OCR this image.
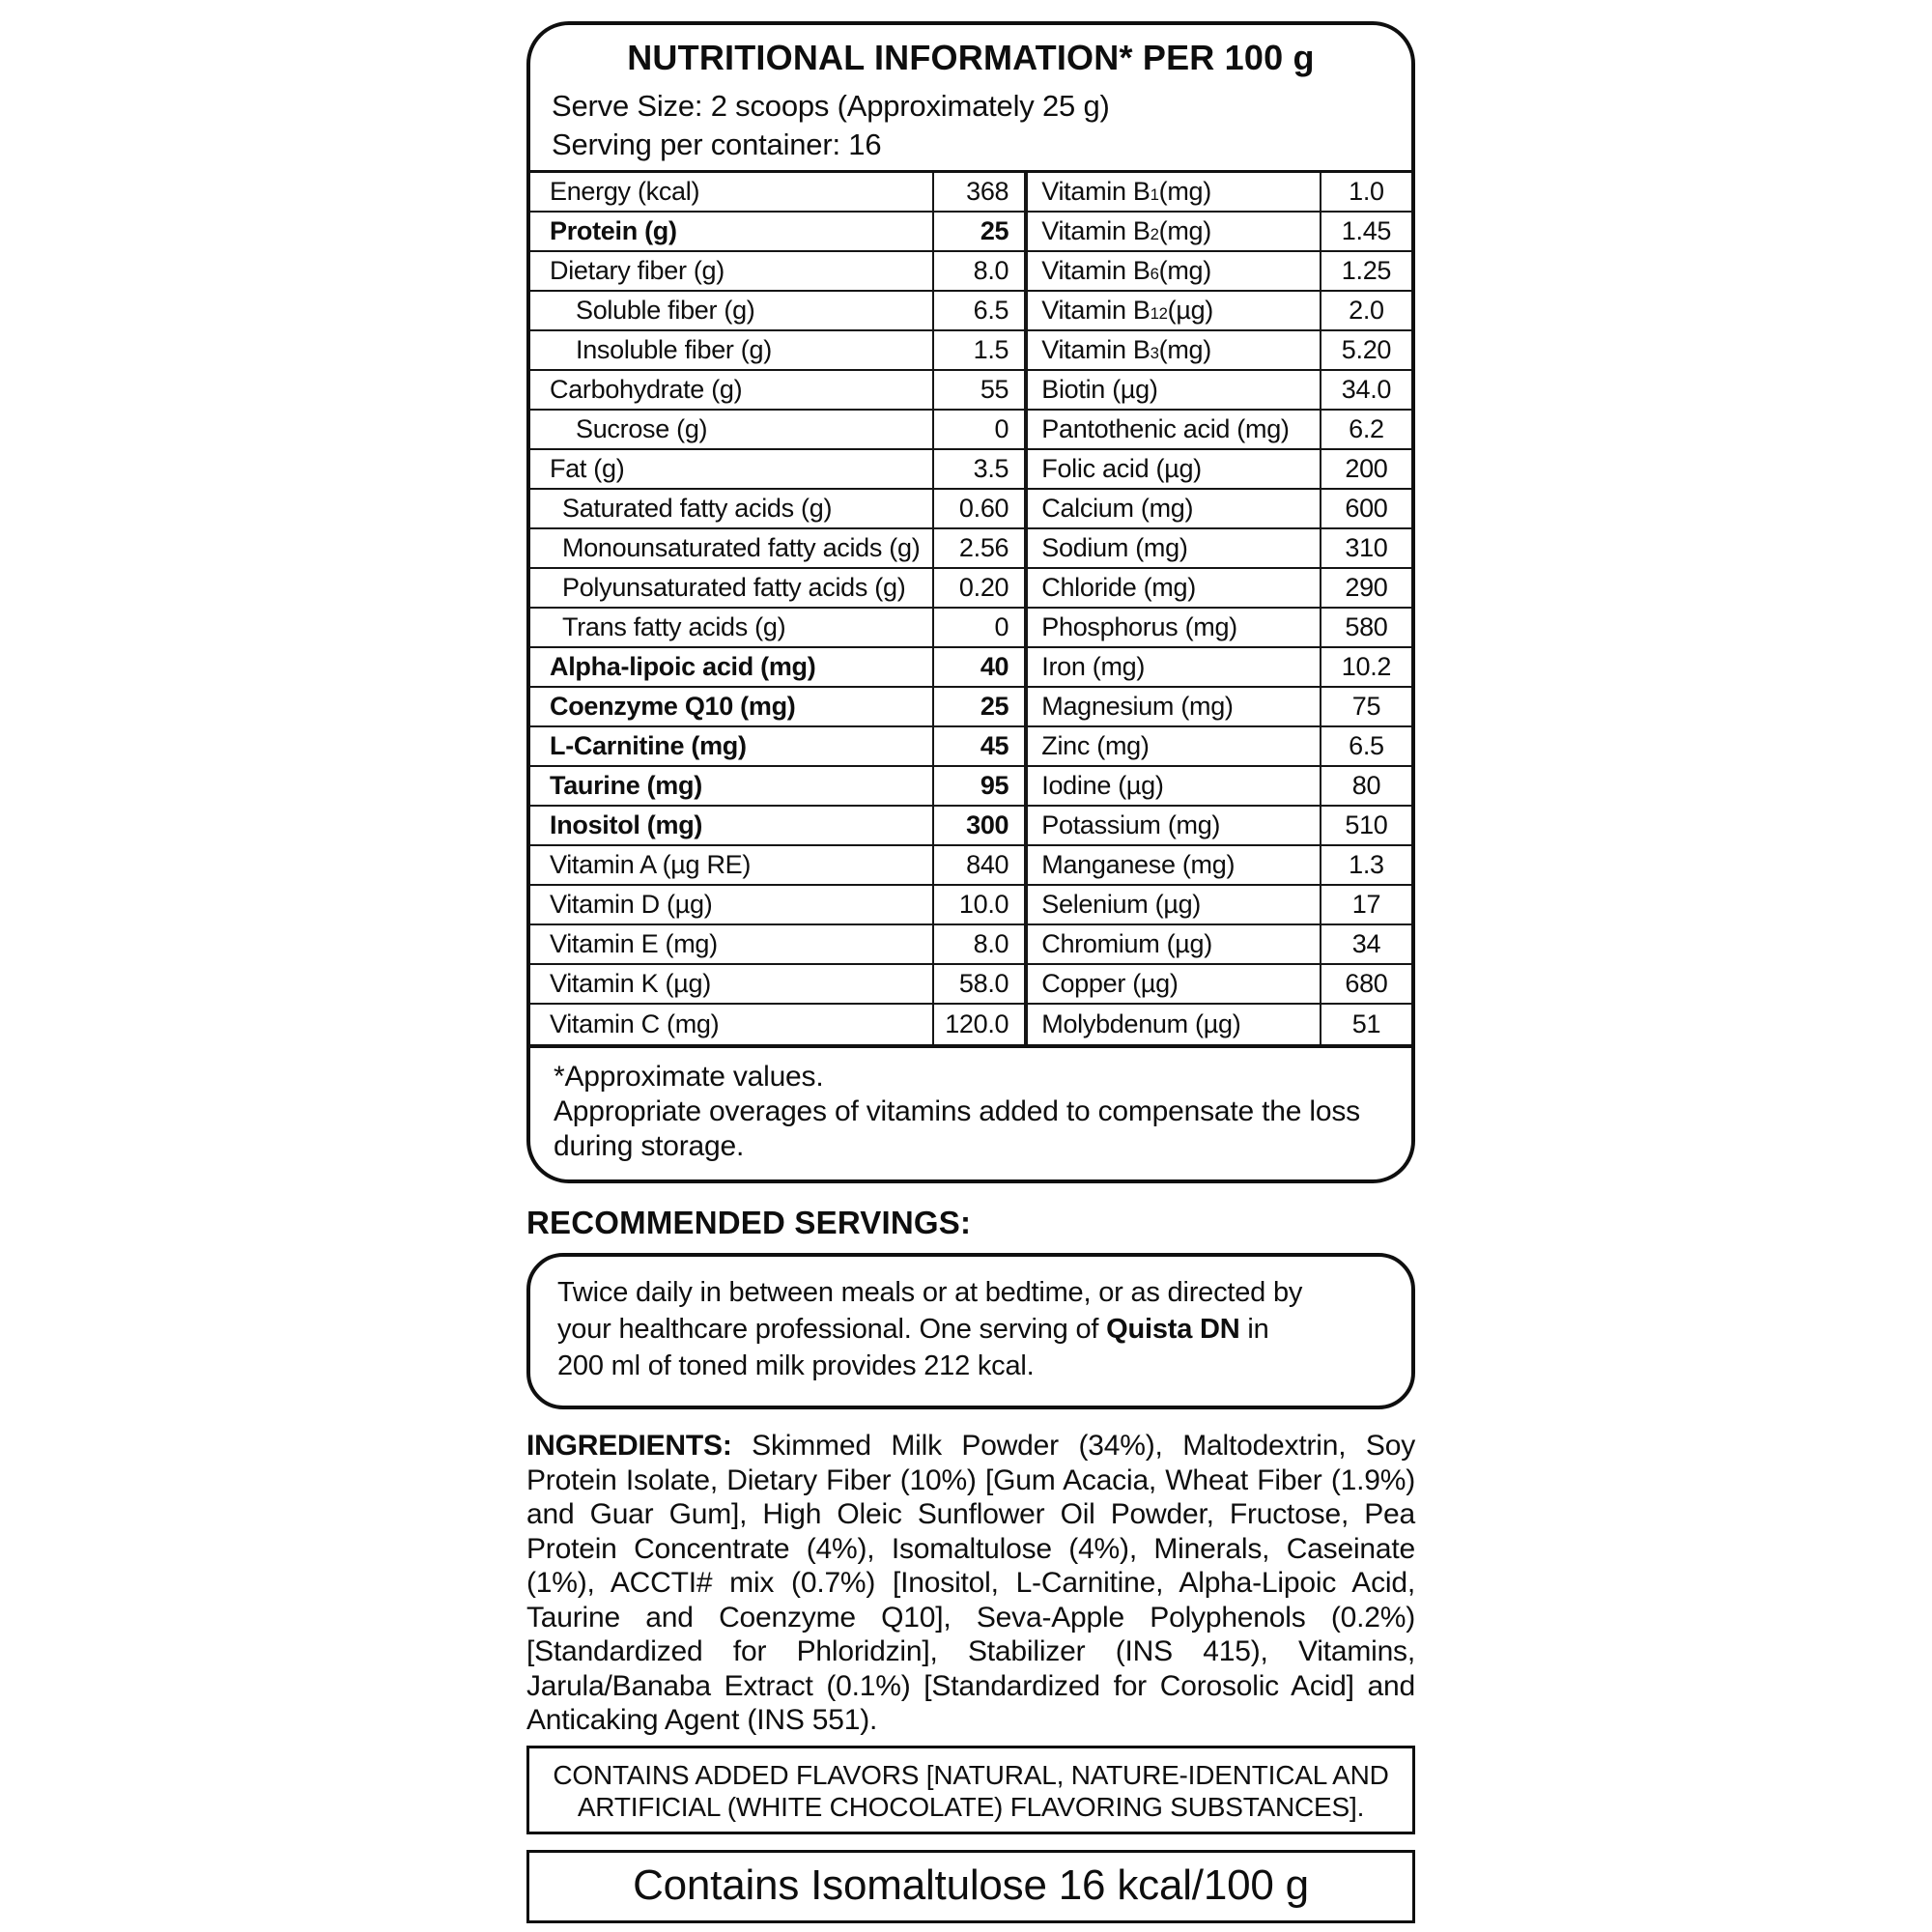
NUTRITIONAL INFORMATION* PER 100 g
Serve Size: 2 scoops (Approximately 25 g)
Serving per container: 16
Energy (kcal)	368	Vitamin $B_1$ (mg)	1.0
Protein (g)	25	Vitamin $B_2$ (mg)	1.45
Dietary fiber (g)	8.0	Vitamin $B_6$ (mg)	1.25
Soluble fiber (g)	6.5	Vitamin $B_{12}$ (µg)	2.0
Insoluble fiber (g)	1.5	Vitamin $B_3$ (mg)	5.20
Carbohydrate (g)	55	Biotin (µg)	34.0
Sucrose (g)	0	Pantothenic acid (mg)	6.2
Fat (g)	3.5	Folic acid (µg)	200
Saturated fatty acids (g)	0.60	Calcium (mg)	600
Monounsaturated fatty acids (g)	2.56	Sodium (mg)	310
Polyunsaturated fatty acids (g)	0.20	Chloride (mg)	290
Trans fatty acids (g)	0	Phosphorus (mg)	580
Alpha-lipoic acid (mg)	40	Iron (mg)	10.2
Coenzyme Q10 (mg)	25	Magnesium (mg)	75
L-Carnitine (mg)	45	Zinc (mg)	6.5
Taurine (mg)	95	Iodine (µg)	80
Inositol (mg)	300	Potassium (mg)	510
Vitamin A (µg RE)	840	Manganese (mg)	1.3
Vitamin D (µg)	10.0	Selenium (µg)	17
Vitamin E (mg)	8.0	Chromium (µg)	34
Vitamin K (µg)	58.0	Copper (µg)	680
Vitamin C (mg)	120.0	Molybdenum (µg)	51
*Approximate values.
Appropriate overages of vitamins added to compensate the loss during storage.
RECOMMENDED SERVINGS:

Twice daily in between meals or at bedtime, or as directed by
your healthcare professional. One serving of Quista DN in
200 ml of toned milk provides 212 kcal.

INGREDIENTS: Skimmed Milk Powder (34%), Maltodextrin, Soy Protein Isolate, Dietary Fiber (10%) [Gum Acacia, Wheat Fiber (1.9%) and Guar Gum], High Oleic Sunflower Oil Powder, Fructose, Pea Protein Concentrate (4%), Isomaltulose (4%), Minerals, Caseinate (1%), ACCTI# mix (0.7%) [Inositol, L-Carnitine, Alpha-Lipoic Acid, Taurine and Coenzyme Q10], Seva-Apple Polyphenols (0.2%) [Standardized for Phloridzin], Stabilizer (INS 415), Vitamins, Jarula/Banaba Extract (0.1%) [Standardized for Corosolic Acid] and Anticaking Agent (INS 551).

CONTAINS ADDED FLAVORS [NATURAL, NATURE-IDENTICAL AND
ARTIFICIAL (WHITE CHOCOLATE) FLAVORING SUBSTANCES].

Contains Isomaltulose 16 kcal/100 g
